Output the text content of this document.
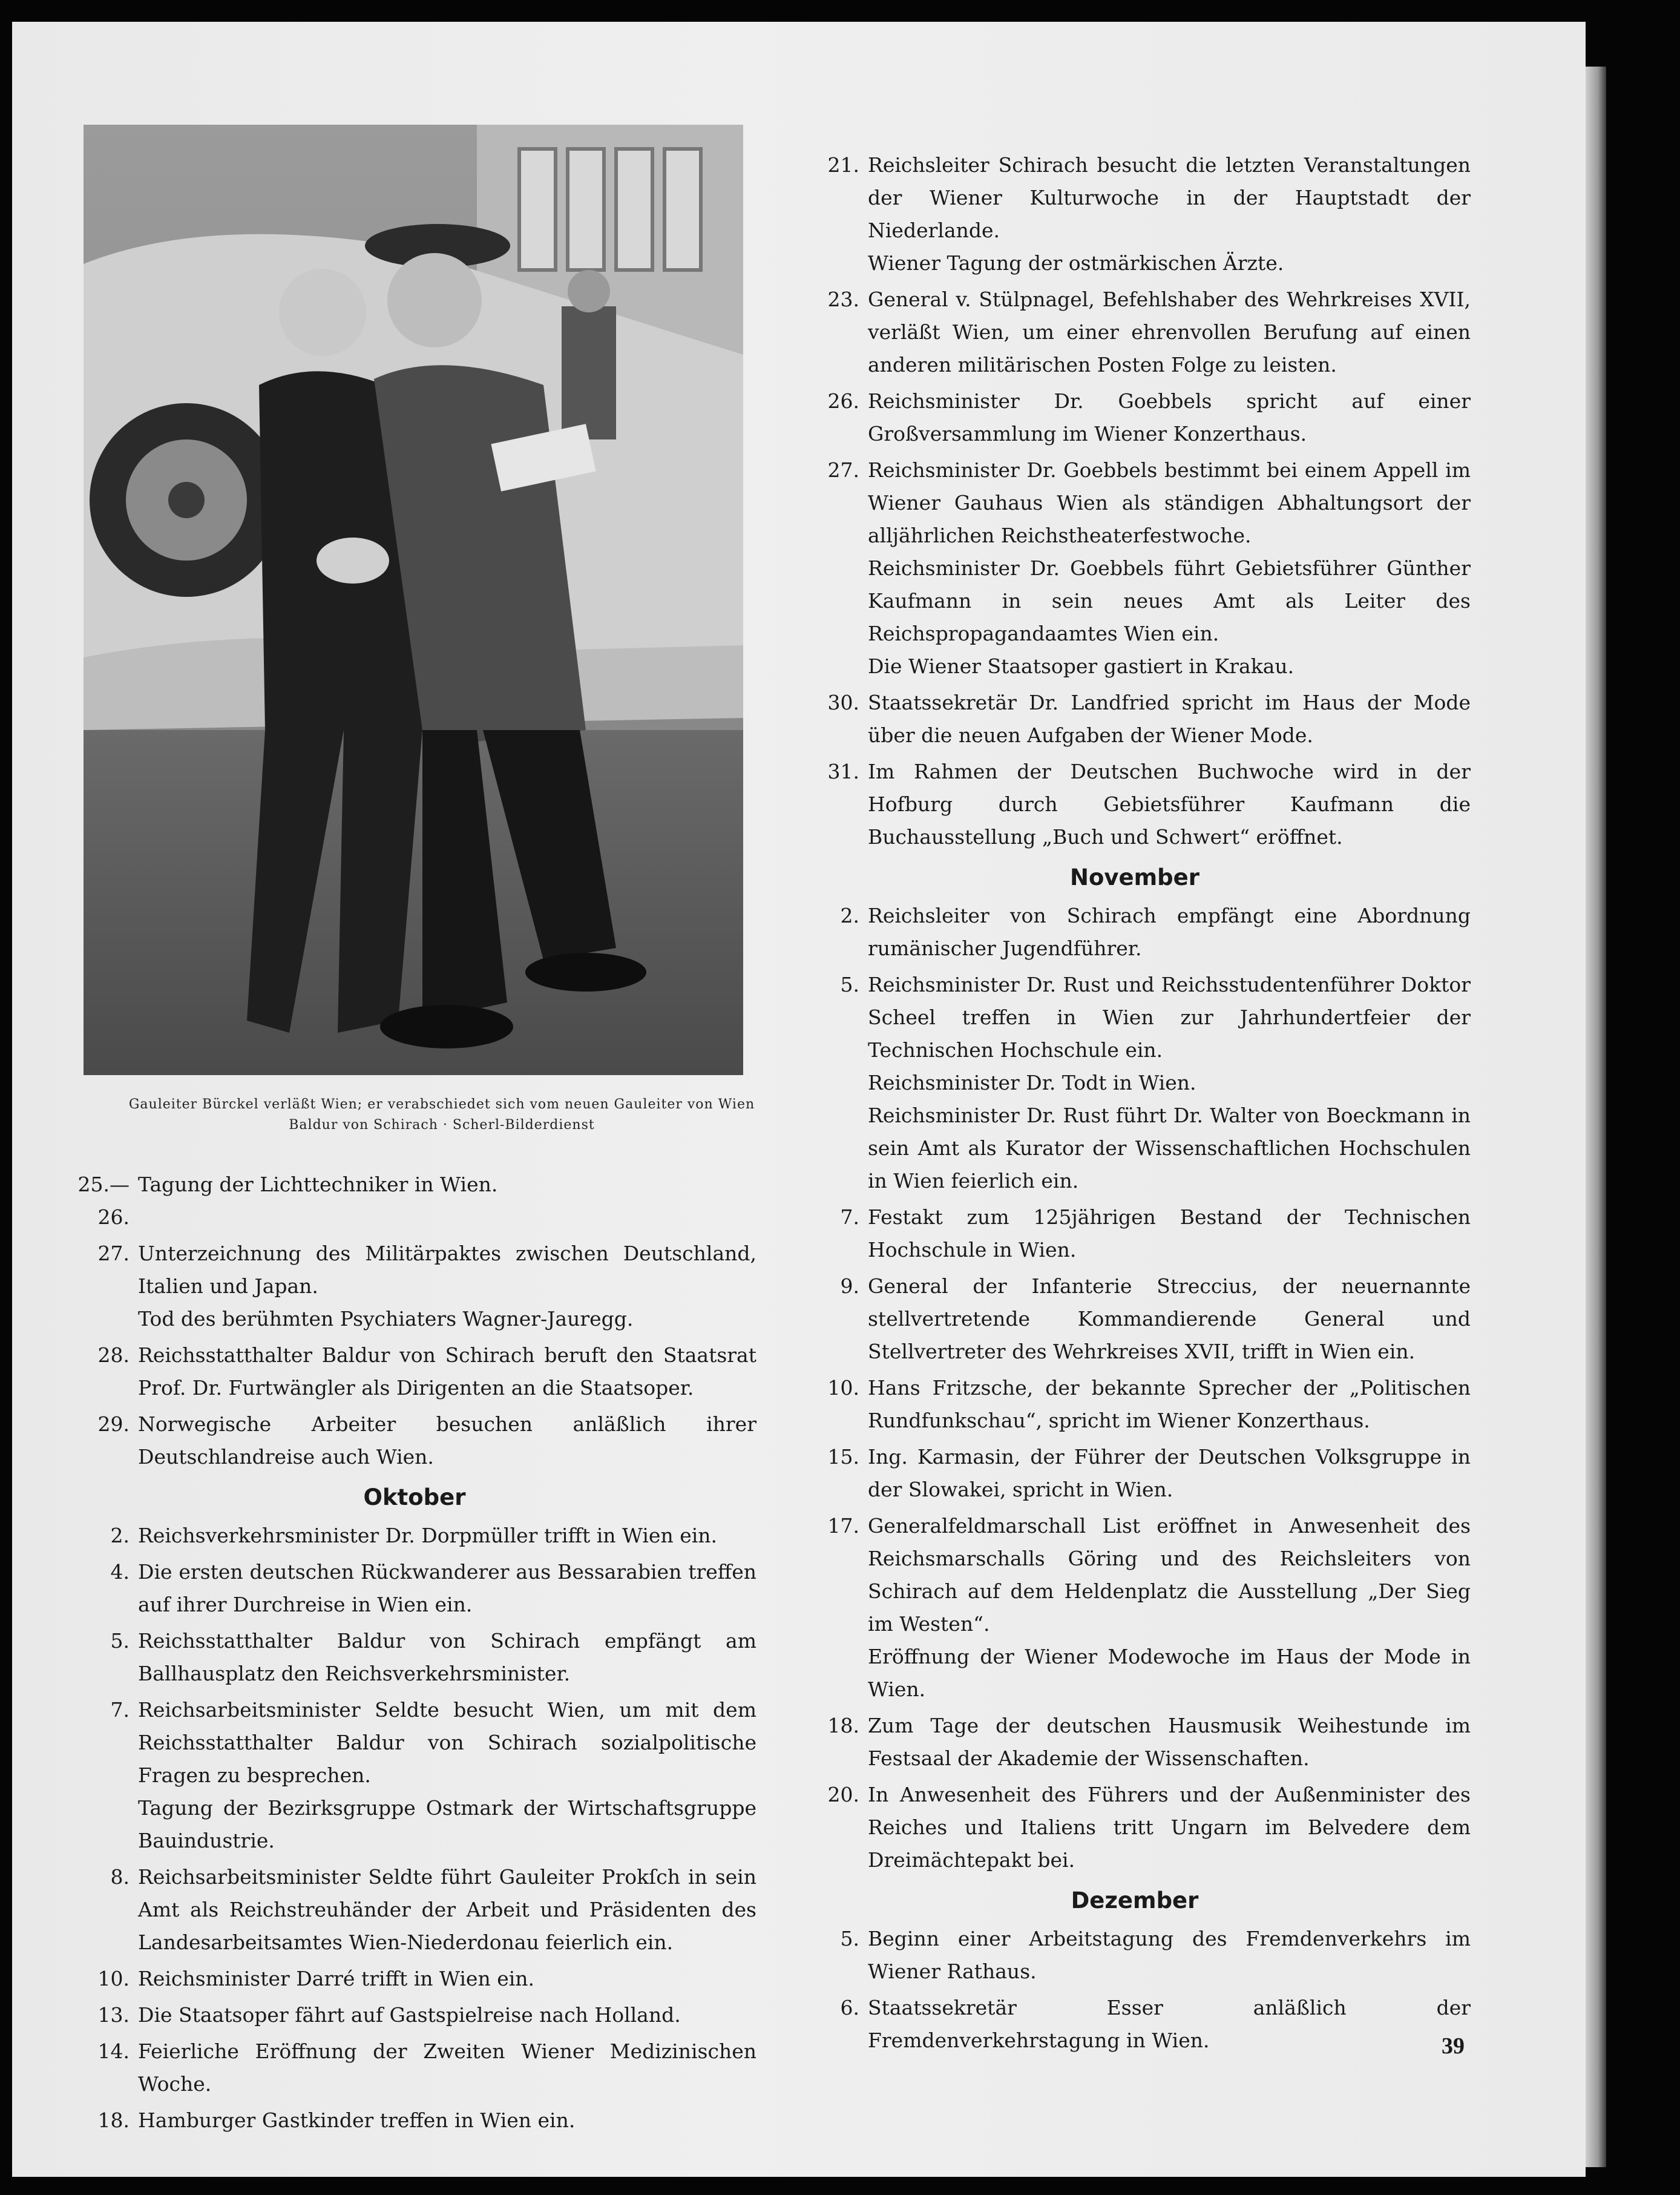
Gauleiter Bürckel verläßt Wien; er verabschiedet sich vom neuen Gauleiter von Wien
Baldur von Schirach · Scherl-Bilderdienst
25.—26.

Tagung der Lichttechniker in Wien.

27. Unterzeichnung des Militärpaktes zwischen Deutschland, Italien und Japan.

Tod des berühmten Psychiaters Wagner-Jauregg.

28. Reichsstatthalter Baldur von Schirach beruft den Staatsrat Prof. Dr. Furtwängler als Dirigenten an die Staatsoper.

29. Norwegische Arbeiter besuchen anläßlich ihrer Deutschlandreise auch Wien.

Oktober
2. Reichsverkehrsminister Dr. Dorpmüller trifft in Wien ein.

4. Die ersten deutschen Rückwanderer aus Bessarabien treffen auf ihrer Durchreise in Wien ein.

5. Reichsstatthalter Baldur von Schirach empfängt am Ballhausplatz den Reichsverkehrsminister.

7. Reichsarbeitsminister Seldte besucht Wien, um mit dem Reichsstatthalter Baldur von Schirach sozialpolitische Fragen zu besprechen.

Tagung der Bezirksgruppe Ostmark der Wirtschaftsgruppe Bauindustrie.

8. Reichsarbeitsminister Seldte führt Gauleiter Prokſch in sein Amt als Reichstreuhänder der Arbeit und Präsidenten des Landesarbeitsamtes Wien-Niederdonau feierlich ein.

10. Reichsminister Darré trifft in Wien ein.

13. Die Staatsoper fährt auf Gastspielreise nach Holland.

14. Feierliche Eröffnung der Zweiten Wiener Medizinischen Woche.

18. Hamburger Gastkinder treffen in Wien ein.

21. Reichsleiter Schirach besucht die letzten Veranstaltungen der Wiener Kulturwoche in der Hauptstadt der Niederlande.

Wiener Tagung der ostmärkischen Ärzte.

23. General v. Stülpnagel, Befehlshaber des Wehrkreises XVII, verläßt Wien, um einer ehrenvollen Berufung auf einen anderen militärischen Posten Folge zu leisten.

26. Reichsminister Dr. Goebbels spricht auf einer Großversammlung im Wiener Konzerthaus.

27. Reichsminister Dr. Goebbels bestimmt bei einem Appell im Wiener Gauhaus Wien als ständigen Abhaltungsort der alljährlichen Reichstheaterfestwoche.

Reichsminister Dr. Goebbels führt Gebietsführer Günther Kaufmann in sein neues Amt als Leiter des Reichspropagandaamtes Wien ein.

Die Wiener Staatsoper gastiert in Krakau.

30. Staatssekretär Dr. Landfried spricht im Haus der Mode über die neuen Aufgaben der Wiener Mode.

31. Im Rahmen der Deutschen Buchwoche wird in der Hofburg durch Gebietsführer Kaufmann die Buchausstellung „Buch und Schwert“ eröffnet.

November
2. Reichsleiter von Schirach empfängt eine Abordnung rumänischer Jugendführer.

5. Reichsminister Dr. Rust und Reichsstudentenführer Doktor Scheel treffen in Wien zur Jahrhundertfeier der Technischen Hochschule ein.

Reichsminister Dr. Todt in Wien.

Reichsminister Dr. Rust führt Dr. Walter von Boeckmann in sein Amt als Kurator der Wissenschaftlichen Hochschulen in Wien feierlich ein.

7. Festakt zum 125jährigen Bestand der Technischen Hochschule in Wien.

9. General der Infanterie Streccius, der neuernannte stellvertretende Kommandierende General und Stellvertreter des Wehrkreises XVII, trifft in Wien ein.

10. Hans Fritzsche, der bekannte Sprecher der „Politischen Rundfunkschau“, spricht im Wiener Konzerthaus.

15. Ing. Karmasin, der Führer der Deutschen Volksgruppe in der Slowakei, spricht in Wien.

17. Generalfeldmarschall List eröffnet in Anwesenheit des Reichsmarschalls Göring und des Reichsleiters von Schirach auf dem Heldenplatz die Ausstellung „Der Sieg im Westen“.

Eröffnung der Wiener Modewoche im Haus der Mode in Wien.

18. Zum Tage der deutschen Hausmusik Weihestunde im Festsaal der Akademie der Wissenschaften.

20. In Anwesenheit des Führers und der Außenminister des Reiches und Italiens tritt Ungarn im Belvedere dem Dreimächtepakt bei.

Dezember
5. Beginn einer Arbeitstagung des Fremdenverkehrs im Wiener Rathaus.

6. Staatssekretär Esser anläßlich der Fremdenverkehrstagung in Wien.	39
